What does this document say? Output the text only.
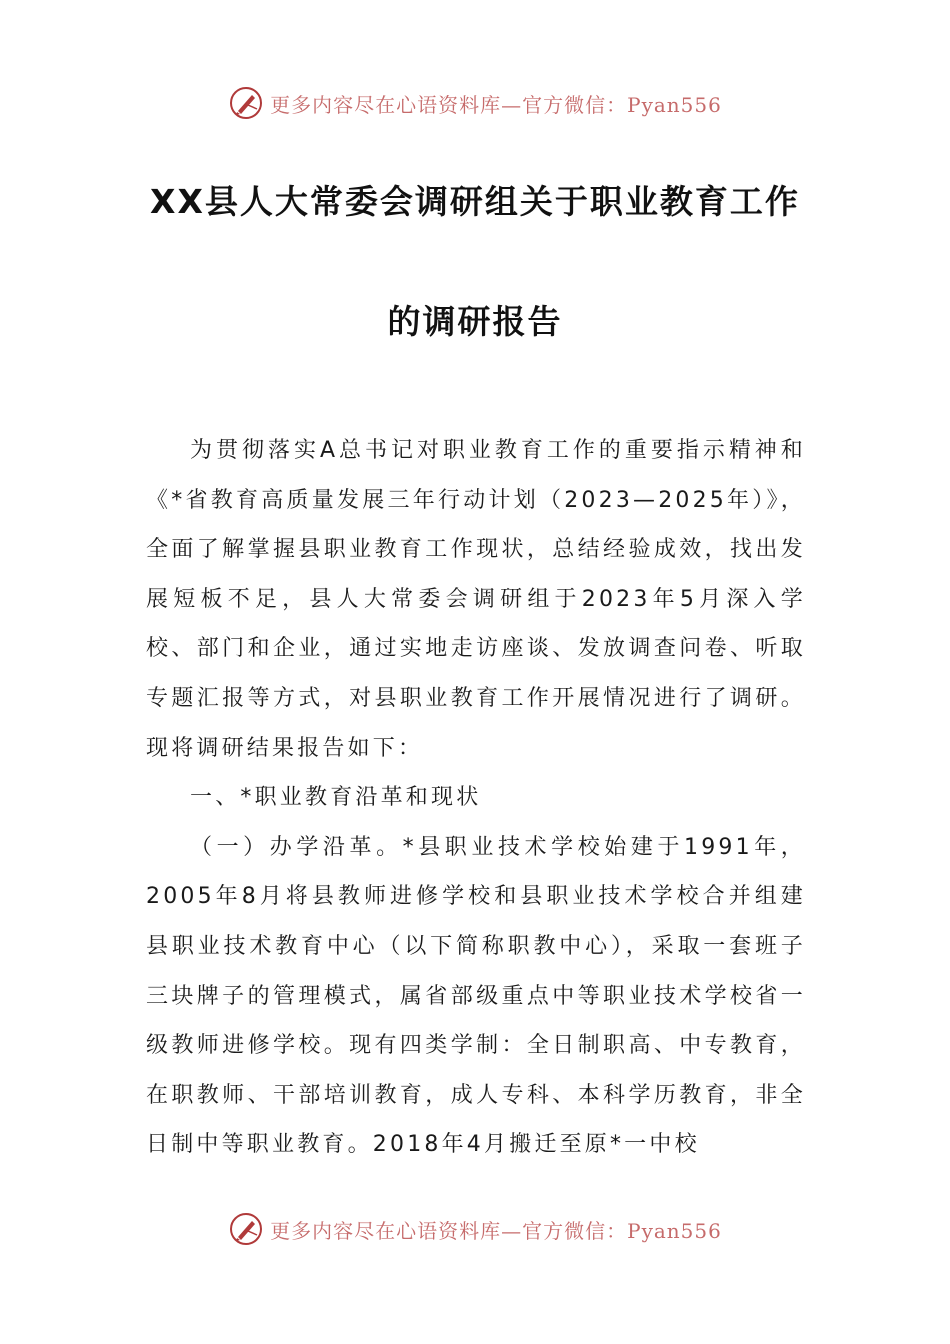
更多内容尽在心语资料库—官方微信：Pyan556
XX县人大常委会调研组关于职业教育工作
的调研报告

为贯彻落实A总书记对职业教育工作的重要指示精神和《*省教育高质量发展三年行动计划（2023—2025年）》，全面了解掌握县职业教育工作现状，总结经验成效，找出发展短板不足，县人大常委会调研组于2023年5月深入学校、部门和企业，通过实地走访座谈、发放调查问卷、听取专题汇报等方式，对县职业教育工作开展情况进行了调研。现将调研结果报告如下：

一、*职业教育沿革和现状

（一）办学沿革。*县职业技术学校始建于1991年，2005年8月将县教师进修学校和县职业技术学校合并组建县职业技术教育中心（以下简称职教中心），采取一套班子三块牌子的管理模式，属省部级重点中等职业技术学校省一级教师进修学校。现有四类学制：全日制职高、中专教育，在职教师、干部培训教育，成人专科、本科学历教育，非全日制中等职业教育。2018年4月搬迁至原*一中校

更多内容尽在心语资料库—官方微信：Pyan556
